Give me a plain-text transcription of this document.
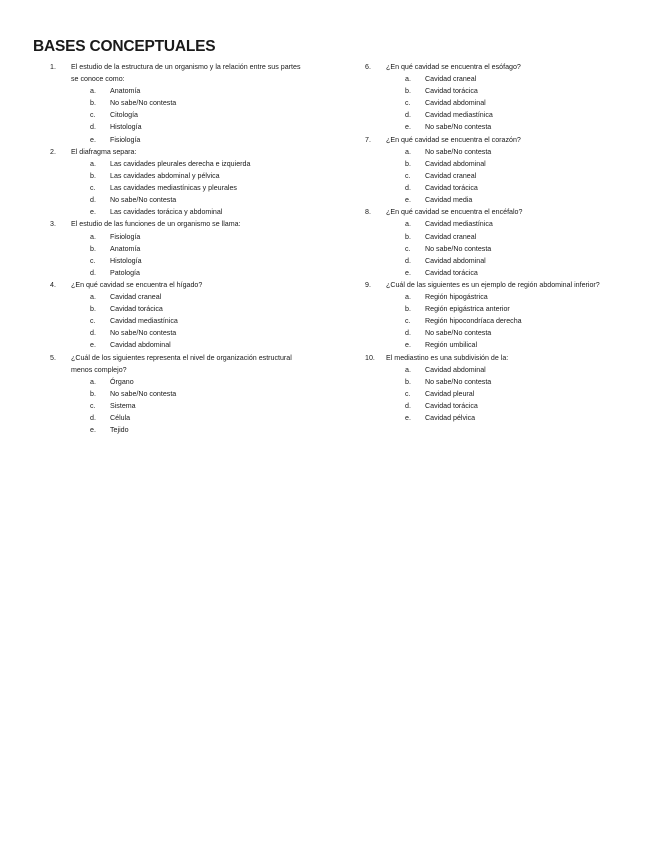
BASES CONCEPTUALES
1. El estudio de la estructura de un organismo y la relación entre sus partes se conoce como:
a. Anatomía
b. No sabe/No contesta
c. Citología
d. Histología
e. Fisiología
2. El diafragma separa:
a. Las cavidades pleurales derecha e izquierda
b. Las cavidades abdominal y pélvica
c. Las cavidades mediastínicas y pleurales
d. No sabe/No contesta
e. Las cavidades torácica y abdominal
3. El estudio de las funciones de un organismo se llama:
a. Fisiología
b. Anatomía
c. Histología
d. Patología
4. ¿En qué cavidad se encuentra el hígado?
a. Cavidad craneal
b. Cavidad torácica
c. Cavidad mediastínica
d. No sabe/No contesta
e. Cavidad abdominal
5. ¿Cuál de los siguientes representa el nivel de organización estructural menos complejo?
a. Órgano
b. No sabe/No contesta
c. Sistema
d. Célula
e. Tejido
6. ¿En qué cavidad se encuentra el esófago?
a. Cavidad craneal
b. Cavidad torácica
c. Cavidad abdominal
d. Cavidad mediastínica
e. No sabe/No contesta
7. ¿En qué cavidad se encuentra el corazón?
a. No sabe/No contesta
b. Cavidad abdominal
c. Cavidad craneal
d. Cavidad torácica
e. Cavidad media
8. ¿En qué cavidad se encuentra el encéfalo?
a. Cavidad mediastínica
b. Cavidad craneal
c. No sabe/No contesta
d. Cavidad abdominal
e. Cavidad torácica
9. ¿Cuál de las siguientes es un ejemplo de región abdominal inferior?
a. Región hipogástrica
b. Región epigástrica anterior
c. Región hipocondríaca derecha
d. No sabe/No contesta
e. Región umbilical
10. El mediastino es una subdivisión de la:
a. Cavidad abdominal
b. No sabe/No contesta
c. Cavidad pleural
d. Cavidad torácica
e. Cavidad pélvica
